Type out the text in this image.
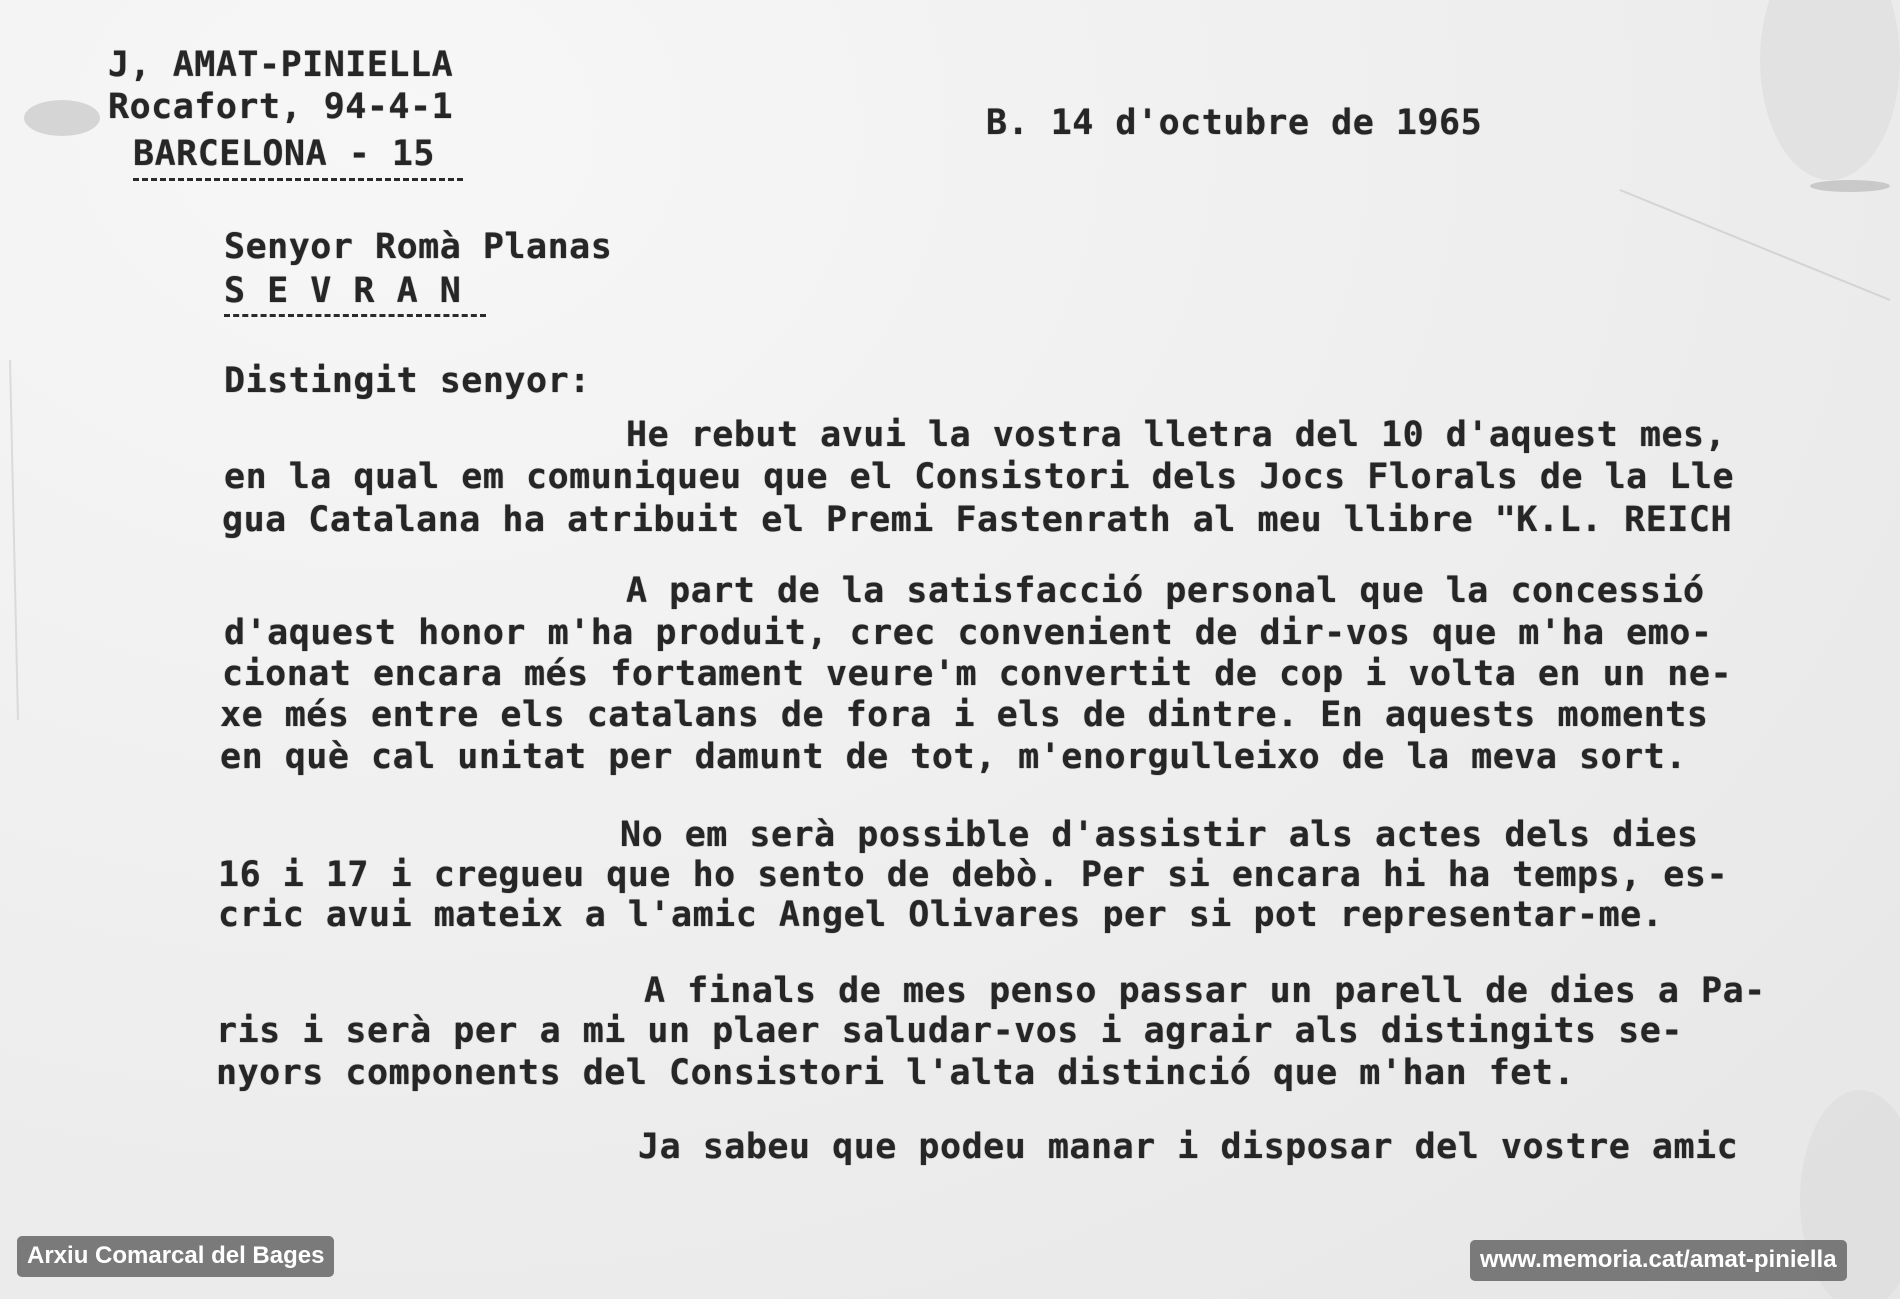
J, AMAT-PINIELLA

Rocafort, 94-4-1

BARCELONA - 15

B. 14 d'octubre de 1965

Senyor Romà Planas

S E V R A N

Distingit senyor:

He rebut avui la vostra lletra del 10 d'aquest mes,

en la qual em comuniqueu que el Consistori dels Jocs Florals de la Lle

gua Catalana ha atribuit el Premi Fastenrath al meu llibre "K.L. REICH

A part de la satisfacció personal que la concessió

d'aquest honor m'ha produit, crec convenient de dir-vos que m'ha emo-

cionat encara més fortament veure'm convertit de cop i volta en un ne-

xe més entre els catalans de fora i els de dintre. En aquests moments

en què cal unitat per damunt de tot, m'enorgulleixo de la meva sort.

No em serà possible d'assistir als actes dels dies

16 i 17 i cregueu que ho sento de debò. Per si encara hi ha temps, es-

cric avui mateix a l'amic Angel Olivares per si pot representar-me.

A finals de mes penso passar un parell de dies a Pa-

ris i serà per a mi un plaer saludar-vos i agrair als distingits se-

nyors components del Consistori l'alta distinció que m'han fet.

Ja sabeu que podeu manar i disposar del vostre amic

Arxiu Comarcal del Bages	www.memoria.cat/amat-piniella
